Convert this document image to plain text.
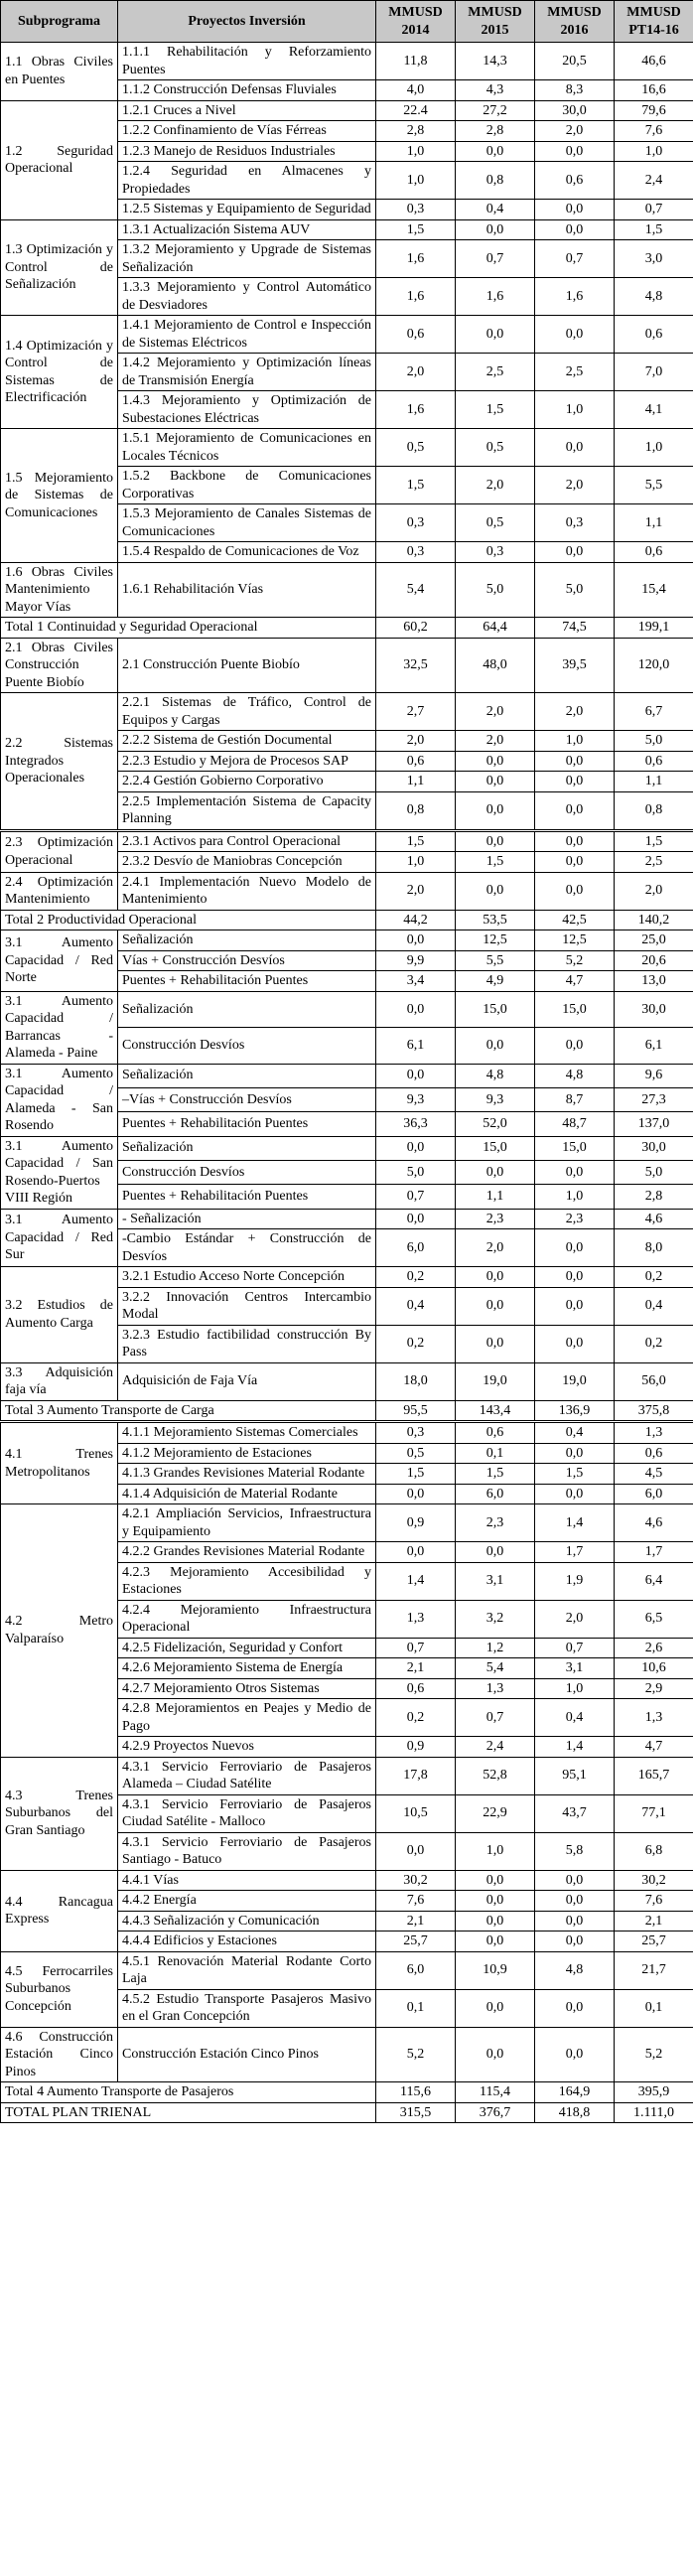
Subprograma	Proyectos Inversión	MMUSD 2014	MMUSD 2015	MMUSD 2016	MMUSD PT14-16
1.1 Obras Civiles en Puentes	1.1.1 Rehabilitación y Reforzamiento Puentes	11,8	14,3	20,5	46,6
	1.1.2 Construcción Defensas Fluviales	4,0	4,3	8,3	16,6
1.2 Seguridad Operacional	1.2.1 Cruces a Nivel	22.4	27,2	30,0	79,6
	1.2.2 Confinamiento de Vías Férreas	2,8	2,8	2,0	7,6
	1.2.3 Manejo de Residuos Industriales	1,0	0,0	0,0	1,0
	1.2.4 Seguridad en Almacenes y Propiedades	1,0	0,8	0,6	2,4
	1.2.5 Sistemas y Equipamiento de Seguridad	0,3	0,4	0,0	0,7
1.3 Optimización y Control de Señalización	1.3.1 Actualización Sistema AUV	1,5	0,0	0,0	1,5
	1.3.2 Mejoramiento y Upgrade de Sistemas Señalización	1,6	0,7	0,7	3,0
	1.3.3 Mejoramiento y Control Automático de Desviadores	1,6	1,6	1,6	4,8
1.4 Optimización y Control de Sistemas de Electrificación	1.4.1 Mejoramiento de Control e Inspección de Sistemas Eléctricos	0,6	0,0	0,0	0,6
	1.4.2 Mejoramiento y Optimización líneas de Transmisión Energía	2,0	2,5	2,5	7,0
	1.4.3 Mejoramiento y Optimización de Subestaciones Eléctricas	1,6	1,5	1,0	4,1
1.5 Mejoramiento de Sistemas de Comunicaciones	1.5.1 Mejoramiento de Comunicaciones en Locales Técnicos	0,5	0,5	0,0	1,0
	1.5.2 Backbone de Comunicaciones Corporativas	1,5	2,0	2,0	5,5
	1.5.3 Mejoramiento de Canales Sistemas de Comunicaciones	0,3	0,5	0,3	1,1
	1.5.4 Respaldo de Comunicaciones de Voz	0,3	0,3	0,0	0,6
1.6 Obras Civiles Mantenimiento Mayor Vías	1.6.1 Rehabilitación Vías	5,4	5,0	5,0	15,4
Total 1 Continuidad y Seguridad Operacional		60,2	64,4	74,5	199,1
2.1 Obras Civiles Construcción Puente Biobío	2.1 Construcción Puente Biobío	32,5	48,0	39,5	120,0
2.2 Sistemas Integrados Operacionales	2.2.1 Sistemas de Tráfico, Control de Equipos y Cargas	2,7	2,0	2,0	6,7
	2.2.2 Sistema de Gestión Documental	2,0	2,0	1,0	5,0
	2.2.3 Estudio y Mejora de Procesos SAP	0,6	0,0	0,0	0,6
	2.2.4 Gestión Gobierno Corporativo	1,1	0,0	0,0	1,1
	2.2.5 Implementación Sistema de Capacity Planning	0,8	0,0	0,0	0,8
2.3 Optimización Operacional	2.3.1 Activos para Control Operacional	1,5	0,0	0,0	1,5
	2.3.2 Desvío de Maniobras Concepción	1,0	1,5	0,0	2,5
2.4 Optimización Mantenimiento	2.4.1 Implementación Nuevo Modelo de Mantenimiento	2,0	0,0	0,0	2,0
Total 2 Productividad Operacional		44,2	53,5	42,5	140,2
3.1 Aumento Capacidad / Red Norte	Señalización	0,0	12,5	12,5	25,0
	Vías + Construcción Desvíos	9,9	5,5	5,2	20,6
	Puentes + Rehabilitación Puentes	3,4	4,9	4,7	13,0
3.1 Aumento Capacidad / Barrancas - Alameda - Paine	Señalización	0,0	15,0	15,0	30,0
	Construcción Desvíos	6,1	0,0	0,0	6,1
3.1 Aumento Capacidad / Alameda - San Rosendo	Señalización	0,0	4,8	4,8	9,6
	–Vías + Construcción Desvíos	9,3	9,3	8,7	27,3
	Puentes + Rehabilitación Puentes	36,3	52,0	48,7	137,0
3.1 Aumento Capacidad / San Rosendo-Puertos VIII Región	Señalización	0,0	15,0	15,0	30,0
	Construcción Desvíos	5,0	0,0	0,0	5,0
	Puentes + Rehabilitación Puentes	0,7	1,1	1,0	2,8
3.1 Aumento Capacidad / Red Sur	- Señalización	0,0	2,3	2,3	4,6
	-Cambio Estándar + Construcción de Desvíos	6,0	2,0	0,0	8,0
3.2 Estudios de Aumento Carga	3.2.1 Estudio Acceso Norte Concepción	0,2	0,0	0,0	0,2
	3.2.2 Innovación Centros Intercambio Modal	0,4	0,0	0,0	0,4
	3.2.3 Estudio factibilidad construcción By Pass	0,2	0,0	0,0	0,2
3.3 Adquisición faja vía	Adquisición de Faja Vía	18,0	19,0	19,0	56,0
Total 3 Aumento Transporte de Carga		95,5	143,4	136,9	375,8
4.1 Trenes Metropolitanos	4.1.1 Mejoramiento Sistemas Comerciales	0,3	0,6	0,4	1,3
	4.1.2 Mejoramiento de Estaciones	0,5	0,1	0,0	0,6
	4.1.3 Grandes Revisiones Material Rodante	1,5	1,5	1,5	4,5
	4.1.4 Adquisición de Material Rodante	0,0	6,0	0,0	6,0
4.2 Metro Valparaíso	4.2.1 Ampliación Servicios, Infraestructura y Equipamiento	0,9	2,3	1,4	4,6
	4.2.2 Grandes Revisiones Material Rodante	0,0	0,0	1,7	1,7
	4.2.3 Mejoramiento Accesibilidad y Estaciones	1,4	3,1	1,9	6,4
	4.2.4 Mejoramiento Infraestructura Operacional	1,3	3,2	2,0	6,5
	4.2.5 Fidelización, Seguridad y Confort	0,7	1,2	0,7	2,6
	4.2.6 Mejoramiento Sistema de Energía	2,1	5,4	3,1	10,6
	4.2.7 Mejoramiento Otros Sistemas	0,6	1,3	1,0	2,9
	4.2.8 Mejoramientos en Peajes y Medio de Pago	0,2	0,7	0,4	1,3
	4.2.9 Proyectos Nuevos	0,9	2,4	1,4	4,7
4.3 Trenes Suburbanos del Gran Santiago	4.3.1 Servicio Ferroviario de Pasajeros Alameda – Ciudad Satélite	17,8	52,8	95,1	165,7
	4.3.1 Servicio Ferroviario de Pasajeros Ciudad Satélite - Malloco	10,5	22,9	43,7	77,1
	4.3.1 Servicio Ferroviario de Pasajeros Santiago - Batuco	0,0	1,0	5,8	6,8
4.4 Rancagua Express	4.4.1 Vías	30,2	0,0	0,0	30,2
	4.4.2 Energía	7,6	0,0	0,0	7,6
	4.4.3 Señalización y Comunicación	2,1	0,0	0,0	2,1
	4.4.4 Edificios y Estaciones	25,7	0,0	0,0	25,7
4.5 Ferrocarriles Suburbanos Concepción	4.5.1 Renovación Material Rodante Corto Laja	6,0	10,9	4,8	21,7
	4.5.2 Estudio Transporte Pasajeros Masivo en el Gran Concepción	0,1	0,0	0,0	0,1
4.6 Construcción Estación Cinco Pinos	Construcción Estación Cinco Pinos	5,2	0,0	0,0	5,2
Total 4 Aumento Transporte de Pasajeros		115,6	115,4	164,9	395,9
TOTAL PLAN TRIENAL		315,5	376,7	418,8	1.111,0
